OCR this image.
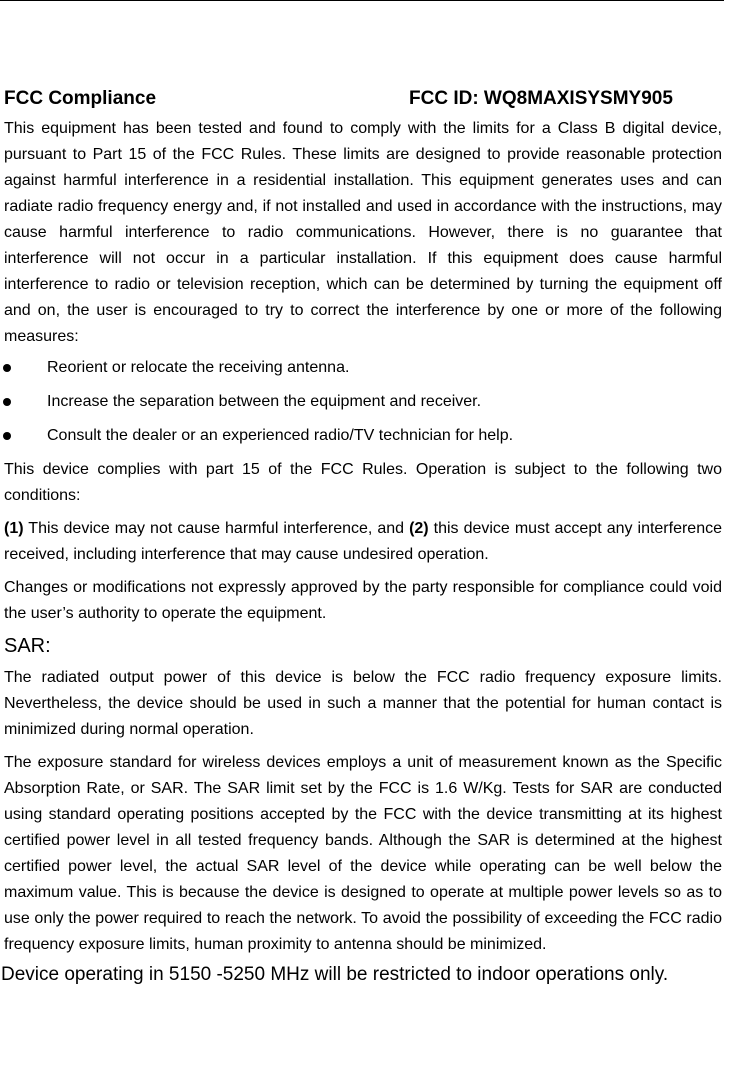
FCC Compliance	FCC ID: WQ8MAXISYSMY905

This equipment has been tested and found to comply with the limits for a Class B digital device, pursuant to Part 15 of the FCC Rules. These limits are designed to provide reasonable protection against harmful interference in a residential installation. This equipment generates uses and can radiate radio frequency energy and, if not installed and used in accordance with the instructions, may cause harmful interference to radio communications. However, there is no guarantee that interference will not occur in a particular installation. If this equipment does cause harmful interference to radio or television reception, which can be determined by turning the equipment off and on, the user is encouraged to try to correct the interference by one or more of the following measures:

Reorient or relocate the receiving antenna.
Increase the separation between the equipment and receiver.
Consult the dealer or an experienced radio/TV technician for help.

This device complies with part 15 of the FCC Rules. Operation is subject to the following two conditions:

(1) This device may not cause harmful interference, and (2) this device must accept any interference received, including interference that may cause undesired operation.

Changes or modifications not expressly approved by the party responsible for compliance could void the user’s authority to operate the equipment.

SAR:

The radiated output power of this device is below the FCC radio frequency exposure limits. Nevertheless, the device should be used in such a manner that the potential for human contact is minimized during normal operation.

The exposure standard for wireless devices employs a unit of measurement known as the Specific Absorption Rate, or SAR. The SAR limit set by the FCC is 1.6 W/Kg. Tests for SAR are conducted using standard operating positions accepted by the FCC with the device transmitting at its highest certified power level in all tested frequency bands. Although the SAR is determined at the highest certified power level, the actual SAR level of the device while operating can be well below the maximum value. This is because the device is designed to operate at multiple power levels so as to use only the power required to reach the network. To avoid the possibility of exceeding the FCC radio frequency exposure limits, human proximity to antenna should be minimized.

Device operating in 5150 -5250 MHz will be restricted to indoor operations only.
